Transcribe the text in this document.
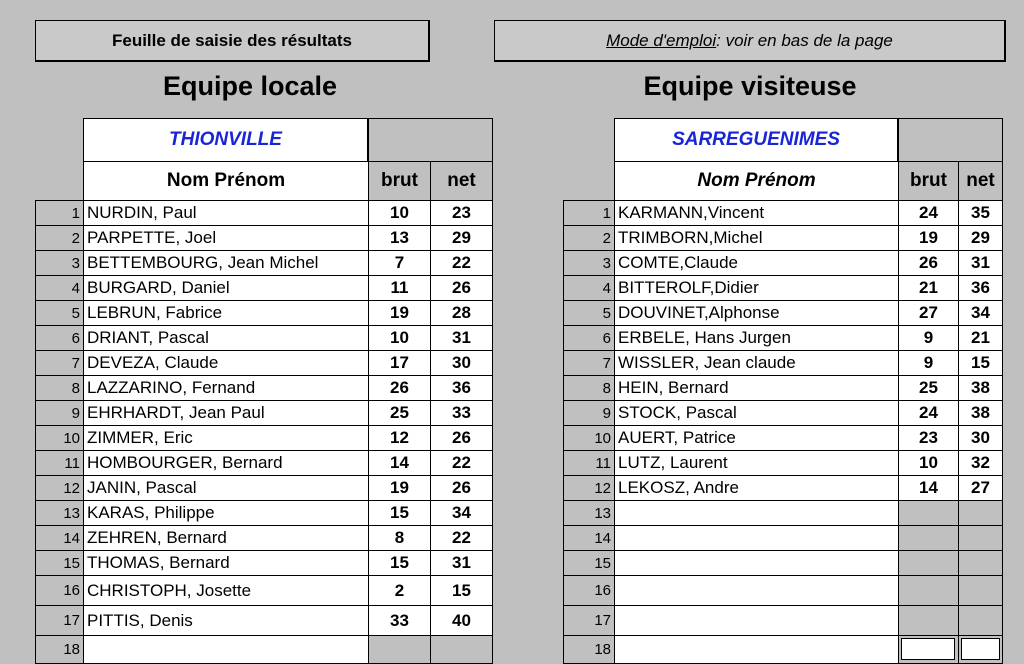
Feuille de saisie des résultats	Mode d'emploi : voir en bas de la page
Equipe locale	Equipe visiteuse
THIONVILLE
Nom Prénom	brut	net
1 NURDIN, Paul	10	23
2 PARPETTE, Joel	13	29
3 BETTEMBOURG, Jean Michel	7	22
4 BURGARD, Daniel	11	26
5 LEBRUN, Fabrice	19	28
6 DRIANT, Pascal	10	31
7 DEVEZA, Claude	17	30
8 LAZZARINO, Fernand	26	36
9 EHRHARDT, Jean Paul	25	33
10 ZIMMER, Eric	12	26
11 HOMBOURGER, Bernard	14	22
12 JANIN, Pascal	19	26
13 KARAS, Philippe	15	34
14 ZEHREN, Bernard	8	22
15 THOMAS, Bernard	15	31
16 CHRISTOPH, Josette	2	15
17 PITTIS, Denis	33	40
18
SARREGUENIMES
Nom Prénom	brut	net
1 KARMANN,Vincent	24	35
2 TRIMBORN,Michel	19	29
3 COMTE,Claude	26	31
4 BITTEROLF,Didier	21	36
5 DOUVINET,Alphonse	27	34
6 ERBELE, Hans Jurgen	9	21
7 WISSLER, Jean claude	9	15
8 HEIN, Bernard	25	38
9 STOCK, Pascal	24	38
10 AUERT, Patrice	23	30
11 LUTZ, Laurent	10	32
12 LEKOSZ, Andre	14	27
13
14
15
16
17
18
